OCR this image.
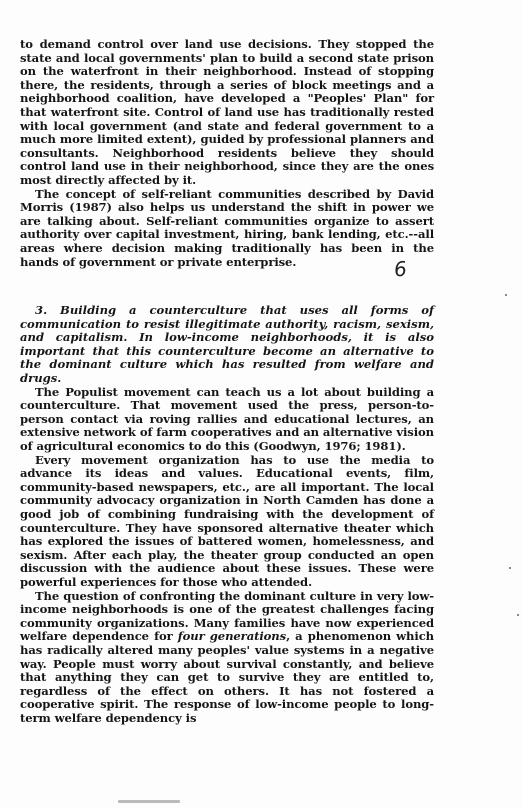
to demand control over land use decisions. They stopped the state and local governments' plan to build a second state prison on the waterfront in their neighborhood. Instead of stopping there, the residents, through a series of block meetings and a neighborhood coalition, have developed a "Peoples' Plan" for that waterfront site. Control of land use has traditionally rested with local government (and state and federal government to a much more limited extent), guided by professional planners and consultants. Neighborhood residents believe they should control land use in their neighborhood, since they are the ones most directly affected by it.

The concept of self-reliant communities described by David Morris (1987) also helps us understand the shift in power we are talking about. Self-reliant communities organize to assert authority over capital investment, hiring, bank lending, etc.--all areas where decision making traditionally has been in the hands of government or private enterprise.

3. Building a counterculture that uses all forms of communication to resist illegitimate authority, racism, sexism, and capitalism. In low-income neighborhoods, it is also important that this counterculture become an alternative to the dominant culture which has resulted from welfare and drugs.

The Populist movement can teach us a lot about building a counterculture. That movement used the press, person-to-person contact via roving rallies and educational lectures, an extensive network of farm cooperatives and an alternative vision of agricultural economics to do this (Goodwyn, 1976; 1981).

Every movement organization has to use the media to advance its ideas and values. Educational events, film, community-based newspapers, etc., are all important. The local community advocacy organization in North Camden has done a good job of combining fundraising with the development of counterculture. They have sponsored alternative theater which has explored the issues of battered women, homelessness, and sexism. After each play, the theater group conducted an open discussion with the audience about these issues. These were powerful experiences for those who attended.

The question of confronting the dominant culture in very low-income neighborhoods is one of the greatest challenges facing community organizations. Many families have now experienced welfare dependence for four generations, a phenomenon which has radically altered many peoples' value systems in a negative way. People must worry about survival constantly, and believe that anything they can get to survive they are entitled to, regardless of the effect on others. It has not fostered a cooperative spirit. The response of low-income people to long-term welfare dependency is

6
